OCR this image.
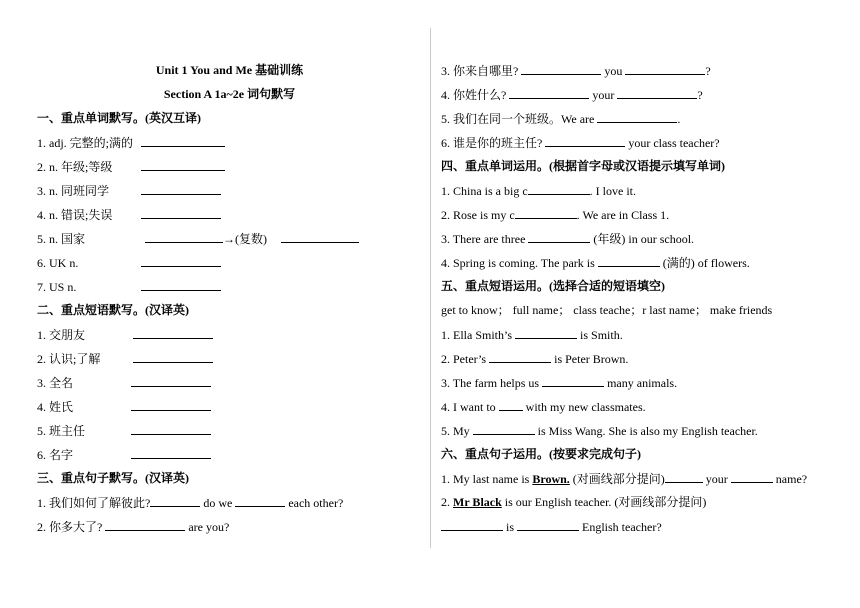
Unit 1 You and Me 基础训练
Section A 1a~2e 词句默写
一、重点单词默写。(英汉互译)
1. adj. 完整的;满的
2. n. 年级;等级
3. n. 同班同学
4. n. 错误;失误
5. n. 国家	→(复数)
6. UK n.
7. US n.
二、重点短语默写。(汉译英)
1. 交朋友
2. 认识;了解
3. 全名
4. 姓氏
5. 班主任
6. 名字
三、重点句子默写。(汉译英)
1. 我们如何了解彼此?	do we	each other?
2. 你多大了?	are you?
3. 你来自哪里?	you	?
4. 你姓什么?	your	?
5. 我们在同一个班级。We are	.
6. 谁是你的班主任?	your class teacher?
四、重点单词运用。(根据首字母或汉语提示填写单词)
1. China is a big c	. I love it.
2. Rose is my c	. We are in Class 1.
3. There are three	(年级) in our school.
4. Spring is coming. The park is	(满的) of flowers.
五、重点短语运用。(选择合适的短语填空)
get to know； full name； class teache；r last name； make friends
1. Ella Smith’s	is Smith.
2. Peter’s	is Peter Brown.
3. The farm helps us	many animals.
4. I want to  with my new classmates.
5. My	is Miss Wang. She is also my English teacher.
六、重点句子运用。(按要求完成句子)
1. My last name is Brown. (对画线部分提问)	your	name?
2. Mr Black is our English teacher. (对画线部分提问)
is	English teacher?
